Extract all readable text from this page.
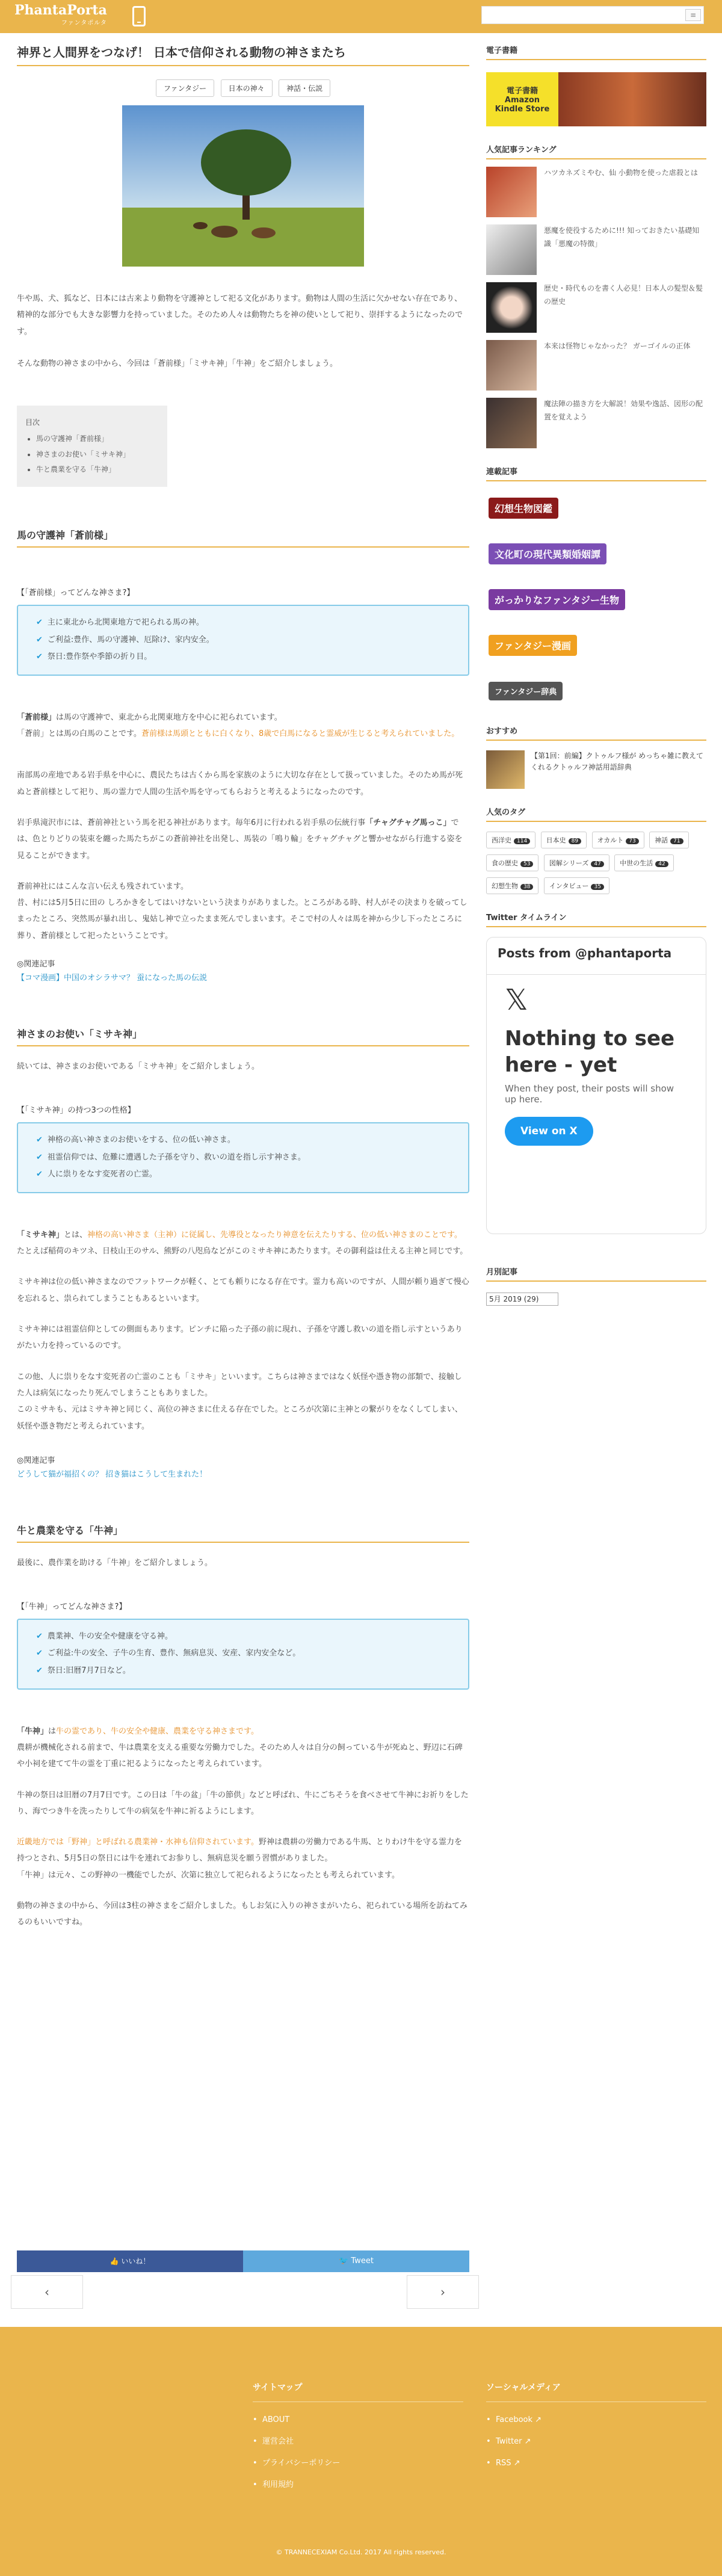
PhantaPorta
ファンタポルタ
≡
神界と人間界をつなげ！ 日本で信仰される動物の神さまたち
ファンタジー	日本の神々	神話・伝説

牛や馬、犬、狐など、日本には古来より動物を守護神として祀る文化があります。動物は人間の生活に欠かせない存在であり、精神的な部分でも大きな影響力を持っていました。そのため人々は動物たちを神の使いとして祀り、崇拝するようになったのです。

そんな動物の神さまの中から、今回は「蒼前様」「ミサキ神」「牛神」をご紹介しましょう。

目次
• 馬の守護神「蒼前様」
• 神さまのお使い「ミサキ神」
• 牛と農業を守る「牛神」
馬の守護神「蒼前様」
【「蒼前様」ってどんな神さま?】
✔ 主に東北から北関東地方で祀られる馬の神。
✔ ご利益:豊作、馬の守護神、厄除け、家内安全。
✔ 祭日:豊作祭や季節の折り目。

「蒼前様」は馬の守護神で、東北から北関東地方を中心に祀られています。
「蒼前」とは馬の白馬のことです。蒼前様は馬頭とともに白くなり、8歳で白馬になると霊威が生じると考えられていました。

南部馬の産地である岩手県を中心に、農民たちは古くから馬を家族のように大切な存在として扱っていました。そのため馬が死ぬと蒼前様として祀り、馬の霊力で人間の生活や馬を守ってもらおうと考えるようになったのです。

岩手県滝沢市には、蒼前神社という馬を祀る神社があります。毎年6月に行われる岩手県の伝統行事「チャグチャグ馬っこ」では、色とりどりの装束を纏った馬たちがこの蒼前神社を出発し、馬装の「鳴り輪」をチャグチャグと響かせながら行進する姿を見ることができます。

蒼前神社にはこんな言い伝えも残されています。
昔、村には5月5日に田の しろかきをしてはいけないという決まりがありました。ところがある時、村人がその決まりを破ってしまったところ、突然馬が暴れ出し、鬼姑し神で立ったまま死んでしまいます。そこで村の人々は馬を神から少し下ったところに葬り、蒼前様として祀ったということです。

◎関連記事
【コマ漫画】中国のオシラサマ？ 蚕になった馬の伝説
神さまのお使い「ミサキ神」

続いては、神さまのお使いである「ミサキ神」をご紹介しましょう。

【「ミサキ神」の持つ3つの性格】
✔ 神格の高い神さまのお使いをする、位の低い神さま。
✔ 祖霊信仰では、危難に遭遇した子孫を守り、救いの道を指し示す神さま。
✔ 人に祟りをなす変死者の亡霊。

「ミサキ神」とは、神格の高い神さま（主神）に従属し、先導役となったり神意を伝えたりする、位の低い神さまのことです。
たとえば稲荷のキツネ、日枝山王のサル、熊野の八咫烏などがこのミサキ神にあたります。その御利益は仕える主神と同じです。

ミサキ神は位の低い神さまなのでフットワークが軽く、とても頼りになる存在です。霊力も高いのですが、人間が頼り過ぎて慢心を忘れると、祟られてしまうこともあるといいます。

ミサキ神には祖霊信仰としての側面もあります。ピンチに陥った子孫の前に現れ、子孫を守護し救いの道を指し示すというありがたい力を持っているのです。

この他、人に祟りをなす変死者の亡霊のことも「ミサキ」といいます。こちらは神さまではなく妖怪や憑き物の部類で、接触した人は病気になったり死んでしまうこともありました。
このミサキも、元はミサキ神と同じく、高位の神さまに仕える存在でした。ところが次第に主神との繋がりをなくしてしまい、妖怪や憑き物だと考えられています。

◎関連記事
どうして猫が福招くの？ 招き猫はこうして生まれた！
牛と農業を守る「牛神」

最後に、農作業を助ける「牛神」をご紹介しましょう。

【「牛神」ってどんな神さま?】
✔ 農業神、牛の安全や健康を守る神。
✔ ご利益:牛の安全、子牛の生育、豊作、無病息災、安産、家内安全など。
✔ 祭日:旧暦7月7日など。

「牛神」は牛の霊であり、牛の安全や健康、農業を守る神さまです。
農耕が機械化される前まで、牛は農業を支える重要な労働力でした。そのため人々は自分の飼っている牛が死ぬと、野辺に石碑や小祠を建てて牛の霊を丁重に祀るようになったと考えられています。

牛神の祭日は旧暦の7月7日です。この日は「牛の盆」「牛の節供」などと呼ばれ、牛にごちそうを食べさせて牛神にお祈りをしたり、海でつき牛を洗ったりして牛の病気を牛神に祈るようにします。

近畿地方では「野神」と呼ばれる農業神・水神も信仰されています。野神は農耕の労働力である牛馬、とりわけ牛を守る霊力を持つとされ、5月5日の祭日には牛を連れてお参りし、無病息災を願う習慣がありました。
「牛神」は元々、この野神の一機能でしたが、次第に独立して祀られるようになったとも考えられています。

動物の神さまの中から、今回は3柱の神さまをご紹介しました。もしお気に入りの神さまがいたら、祀られている場所を訪ねてみるのもいいですね。

👍 いいね！	🐦 Tweet
‹	›
電子書籍
電子書籍 Amazon Kindle Store
人気記事ランキング
ハツカネズミやむ、仙 小動物を使った虐殺とは
悪魔を使役するために!!! 知っておきたい基礎知識「悪魔の特徴」
歴史・時代ものを書く人必見！日本人の髪型＆髪の歴史
本来は怪物じゃなかった？ ガーゴイルの正体
魔法陣の描き方を大解説！効果や逸話、図形の配置を覚えよう
連載記事
幻想生物図鑑
文化町の現代異類婚姻譚
がっかりなファンタジー生物
ファンタジー漫画
ファンタジー辞典
おすすめ
【第1回：前編】クトゥルフ様が めっちゃ雑に教えてくれるクトゥルフ神話用語辞典
人気のタグ
西洋史 114	日本史 89	オカルト 73	神話 71 食の歴史 53	図解シリーズ 47	中世の生活 42 幻想生物 38	インタビュー 35
Twitter タイムライン
Posts from @phantaporta
𝕏
Nothing to see here - yet
When they post, their posts will show up here.
View on X
月別記事
5月 2019 (29)
サイトマップ
•  ABOUT
•  運営会社
•  プライバシーポリシー
•  利用規約
ソーシャルメディア
•  Facebook ↗
•  Twitter ↗
•  RSS ↗
© TRANNECEXIAM Co.Ltd. 2017 All rights reserved.
